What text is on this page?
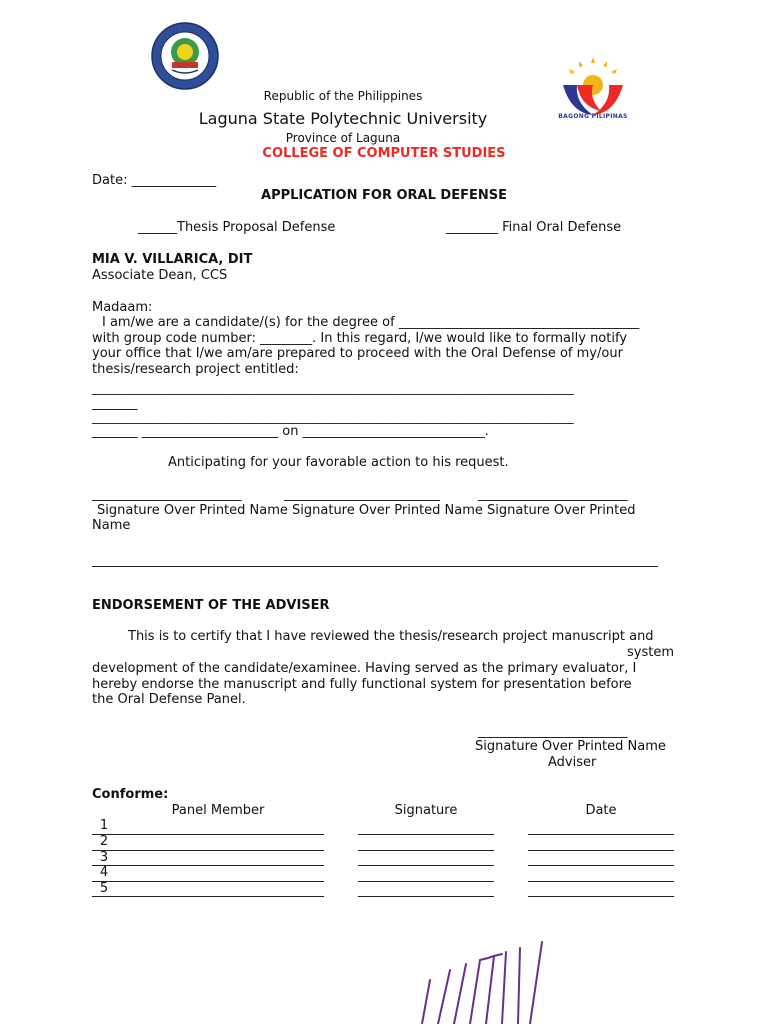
BAGONG PILIPINAS
Republic of the Philippines
Laguna State Polytechnic University
Province of Laguna
COLLEGE OF COMPUTER STUDIES
Date: _____________
APPLICATION FOR ORAL DEFENSE
______Thesis Proposal Defense	________ Final Oral Defense
MIA V. VILLARICA, DIT
Associate Dean, CCS
Madaam:
I am/we are a candidate/(s) for the degree of _____________________________________
with group code number: ________. In this regard, I/we would like to formally notify
your office that I/we am/are prepared to proceed with the Oral Defense of my/our
thesis/research project entitled:
___________________________________________________________________________________
_______
___________________________________________________________________________________
_______ _____________________ on ____________________________.
Anticipating for your favorable action to his request.
_______________________	________________________	_______________________
Signature Over Printed Name Signature Over Printed Name Signature Over Printed
Name
ENDORSEMENT OF THE ADVISER
This is to certify that I have reviewed the thesis/research project manuscript and
system
development of the candidate/examinee. Having served as the primary evaluator, I
hereby endorse the manuscript and fully functional system for presentation before
the Oral Defense Panel.
_______________________
Signature Over Printed Name
Adviser
Conforme:
Panel Member	Signature	Date
1
2
3
4
5
